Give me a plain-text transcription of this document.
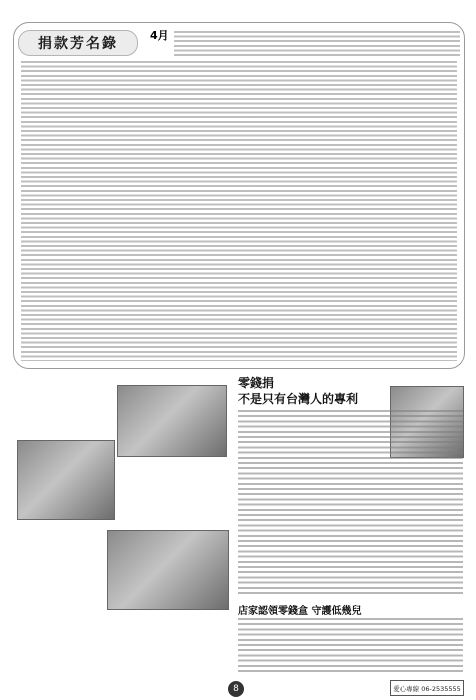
捐款芳名錄
4月
零錢捐
不是只有台灣人的專利
店家認領零錢盒 守護低幾兒
8	愛心專線 06-2535555
